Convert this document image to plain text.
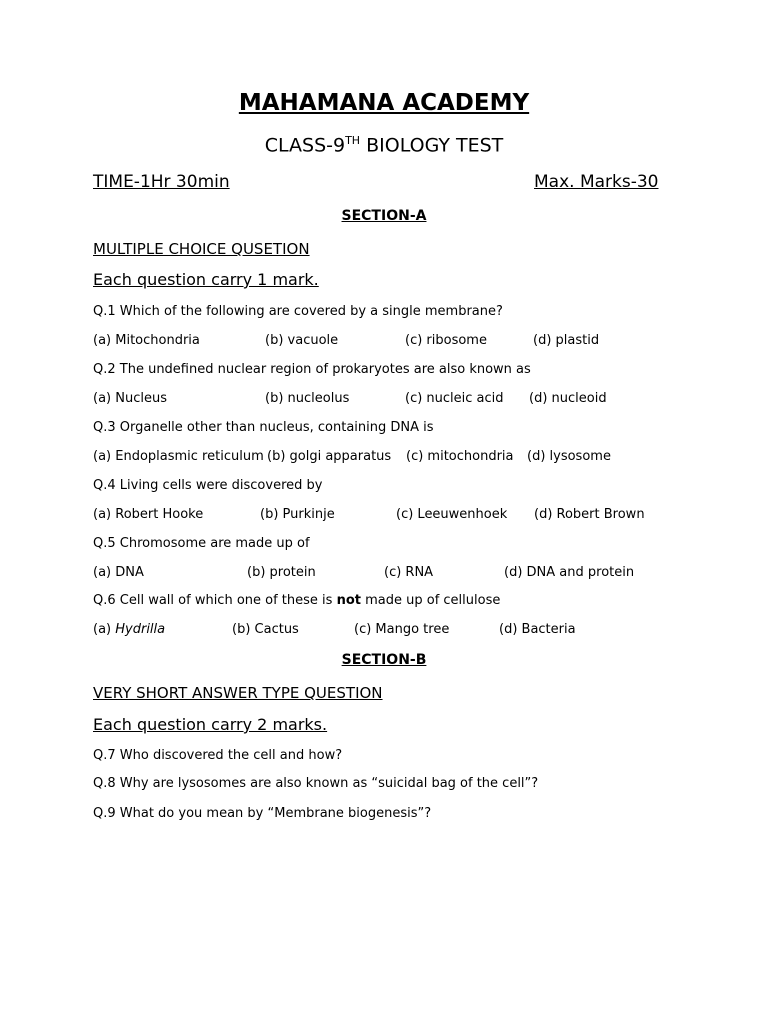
MAHAMANA ACADEMY
CLASS-9TH BIOLOGY TEST
TIME-1Hr 30min	Max. Marks-30
SECTION-A
MULTIPLE CHOICE QUSETION
Each question carry 1 mark.
Q.1 Which of the following are covered by a single membrane?
(a) Mitochondria	(b) vacuole	(c) ribosome	(d) plastid
Q.2 The undefined nuclear region of prokaryotes are also known as
(a) Nucleus	(b) nucleolus	(c) nucleic acid (d) nucleoid
Q.3 Organelle other than nucleus, containing DNA is
(a) Endoplasmic reticulum (b) golgi apparatus (c) mitochondria (d) lysosome
Q.4 Living cells were discovered by
(a) Robert Hooke	(b) Purkinje	(c) Leeuwenhoek (d) Robert Brown
Q.5 Chromosome are made up of
(a) DNA	(b) protein	(c) RNA	(d) DNA and protein
Q.6 Cell wall of which one of these is not made up of cellulose
(a) Hydrilla	(b) Cactus	(c) Mango tree	(d) Bacteria
SECTION-B
VERY SHORT ANSWER TYPE QUESTION
Each question carry 2 marks.
Q.7 Who discovered the cell and how?
Q.8 Why are lysosomes are also known as “suicidal bag of the cell”?
Q.9 What do you mean by “Membrane biogenesis”?
